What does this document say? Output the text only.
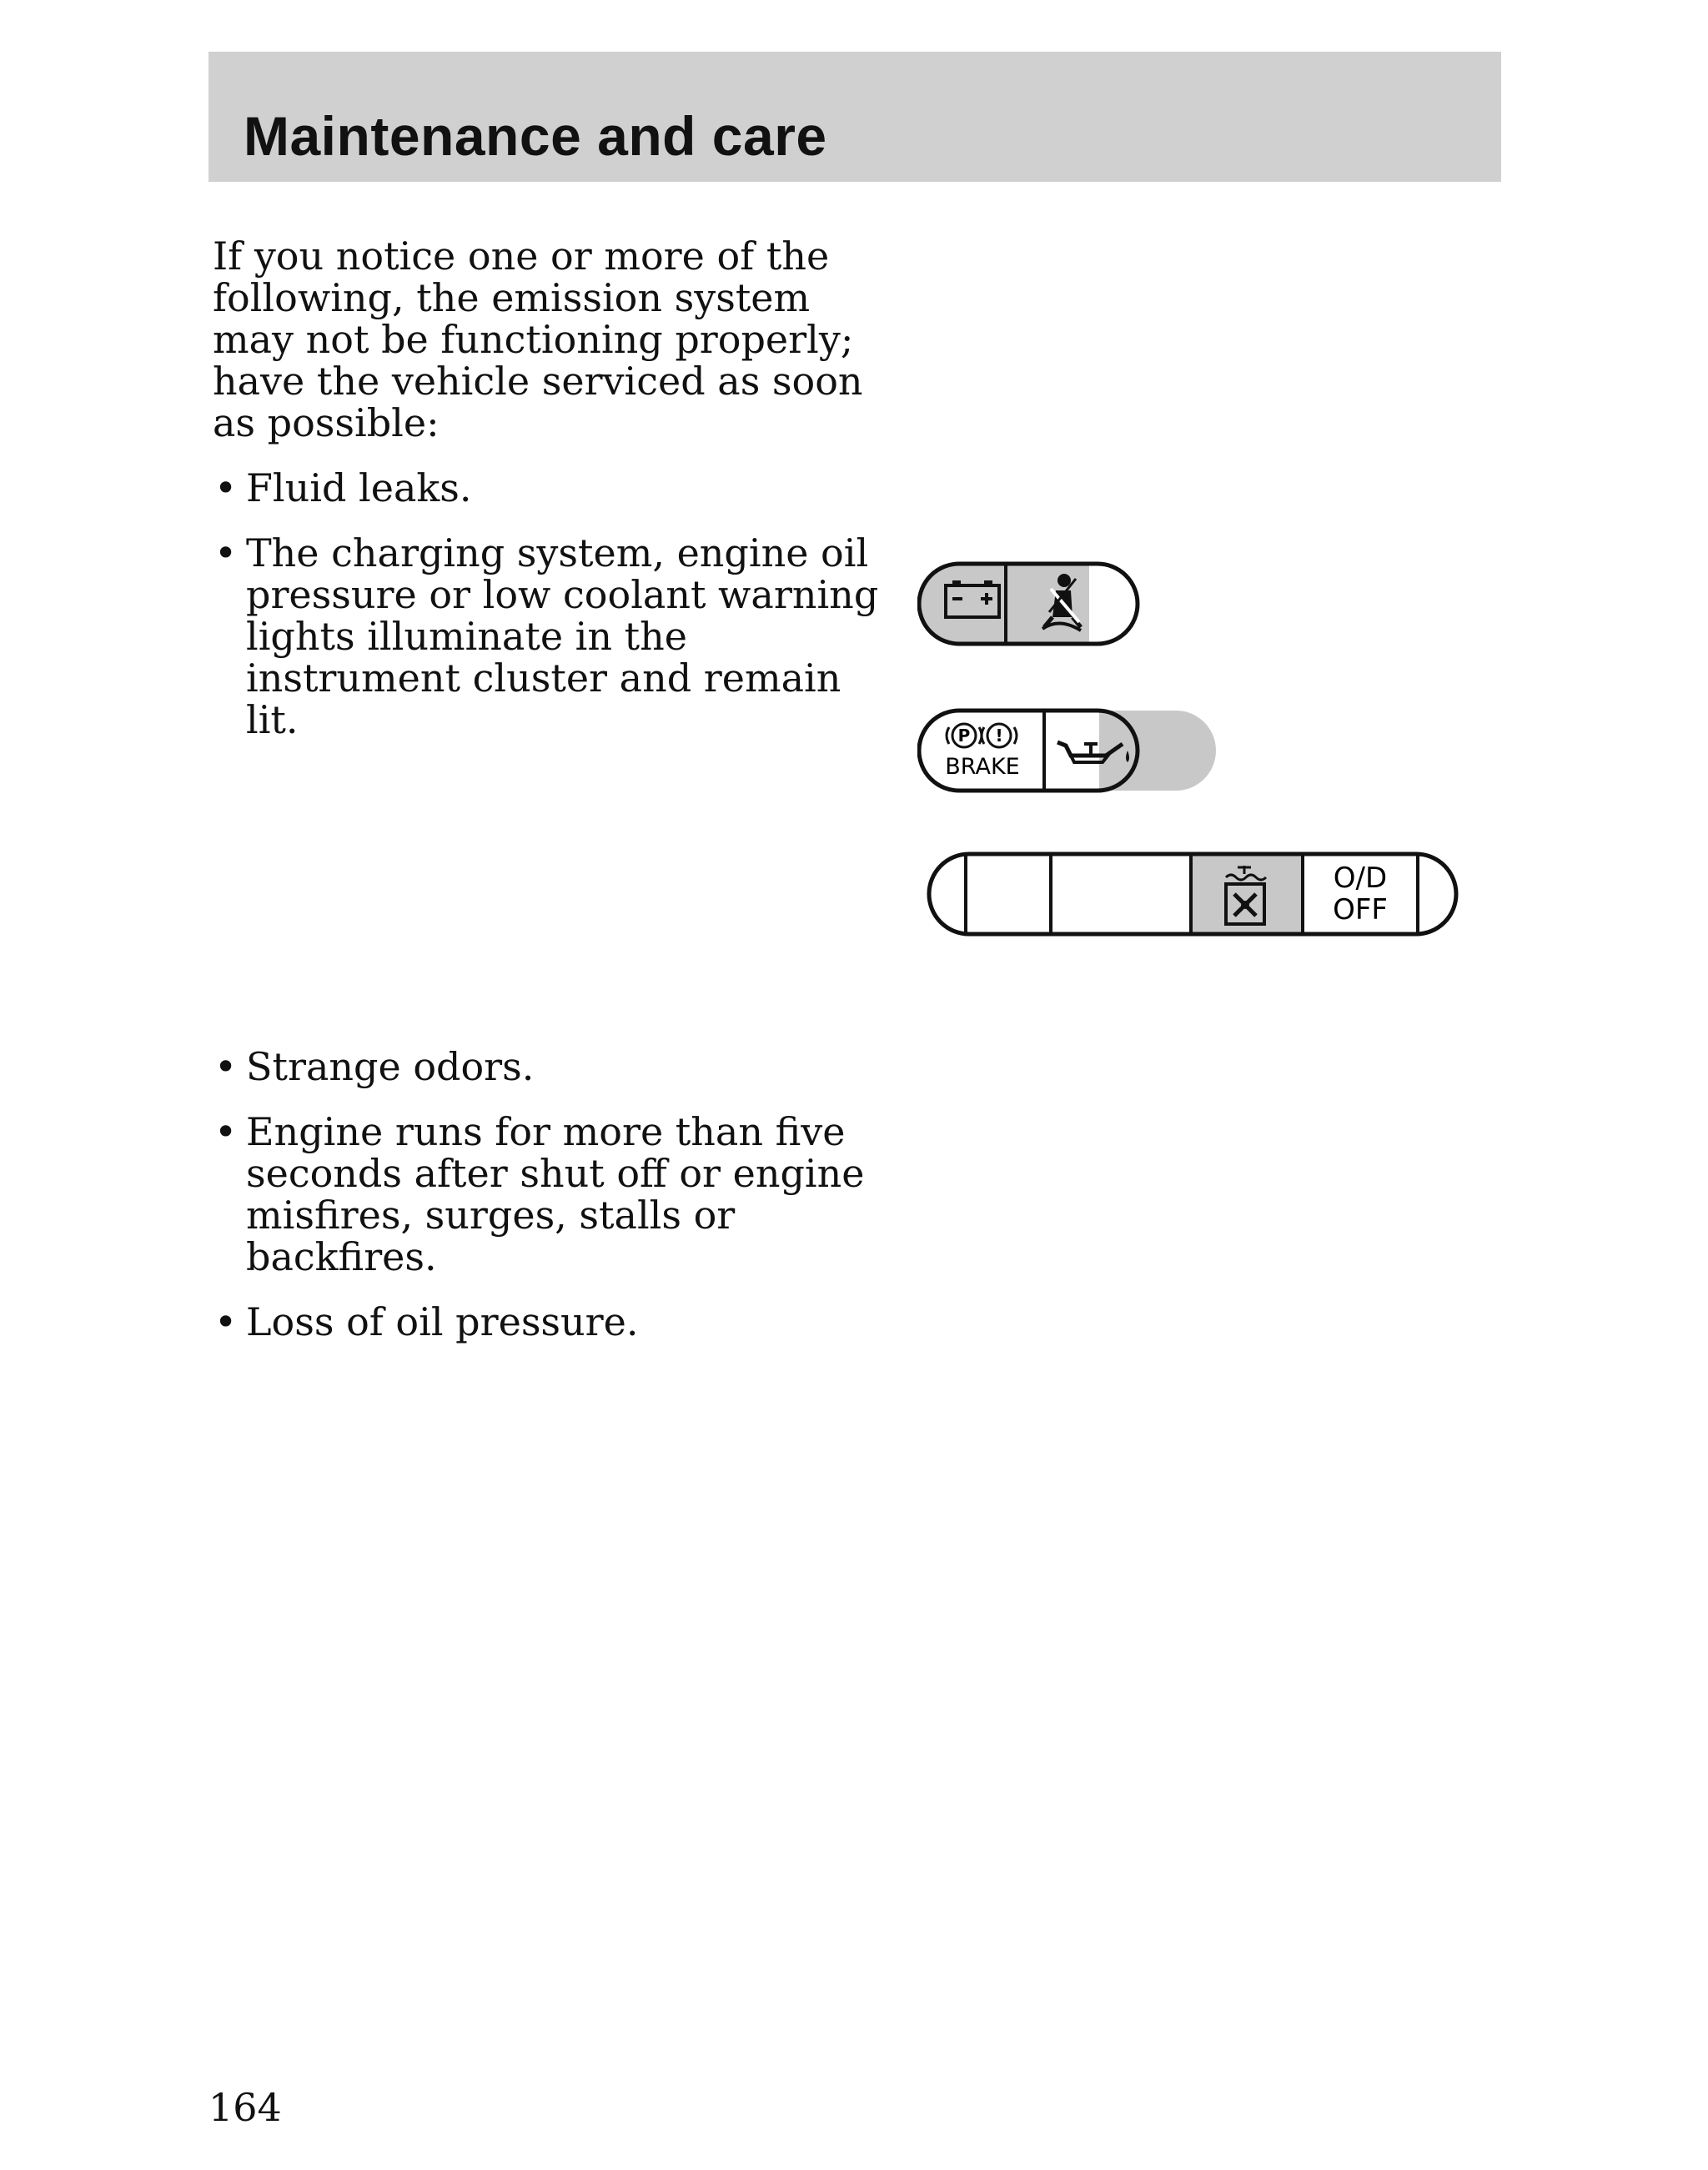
Maintenance and care

If you notice one or more of the following, the emission system may not be functioning properly; have the vehicle serviced as soon as possible:

• Fluid leaks.
• The charging system, engine oil pressure or low coolant warning lights illuminate in the instrument cluster and remain lit.
• Strange odors.
• Engine runs for more than five seconds after shut off or engine misfires, surges, stalls or backfires.
• Loss of oil pressure.
P !
BRAKE
O/D
OFF
164
